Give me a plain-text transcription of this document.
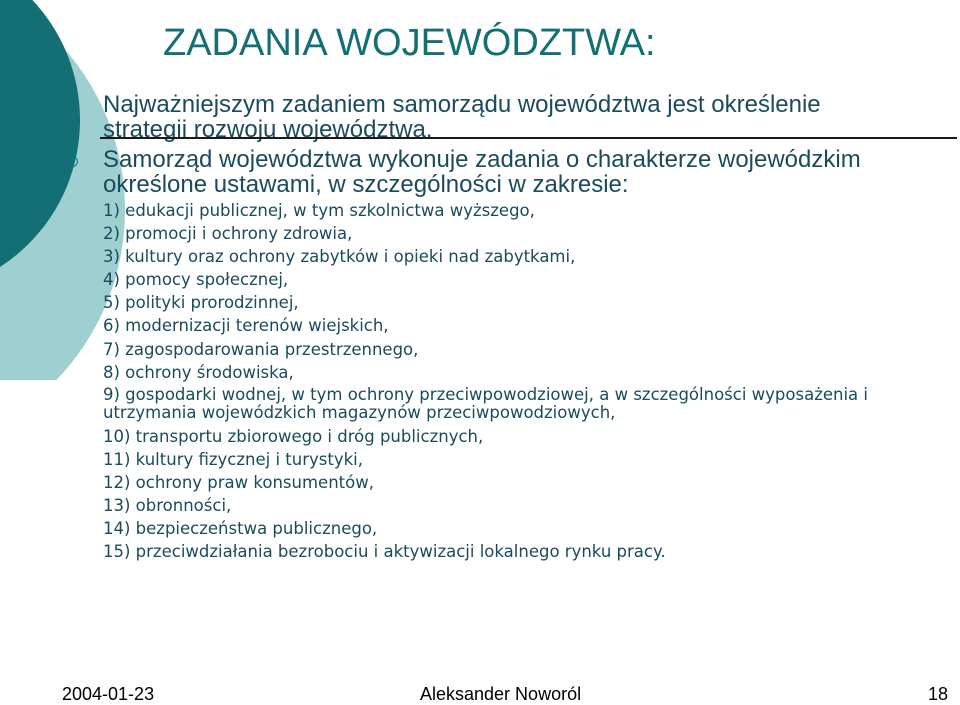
ZADANIA WOJEWÓDZTWA:
Najważniejszym zadaniem samorządu województwa jest określenie strategii rozwoju województwa.
Samorząd województwa wykonuje zadania o charakterze wojewódzkim określone ustawami, w szczególności w zakresie:
1) edukacji publicznej, w tym szkolnictwa wyższego,
2) promocji i ochrony zdrowia,
3) kultury oraz ochrony zabytków i opieki nad zabytkami,
4) pomocy społecznej,
5) polityki prorodzinnej,
6) modernizacji terenów wiejskich,
7) zagospodarowania przestrzennego,
8) ochrony środowiska,
9) gospodarki wodnej, w tym ochrony przeciwpowodziowej, a w szczególności wyposażenia i utrzymania wojewódzkich magazynów przeciwpowodziowych,
10) transportu zbiorowego i dróg publicznych,
11) kultury fizycznej i turystyki,
12) ochrony praw konsumentów,
13) obronności,
14) bezpieczeństwa publicznego,
15) przeciwdziałania bezrobociu i aktywizacji lokalnego rynku pracy.
2004-01-23	Aleksander Noworól	18
